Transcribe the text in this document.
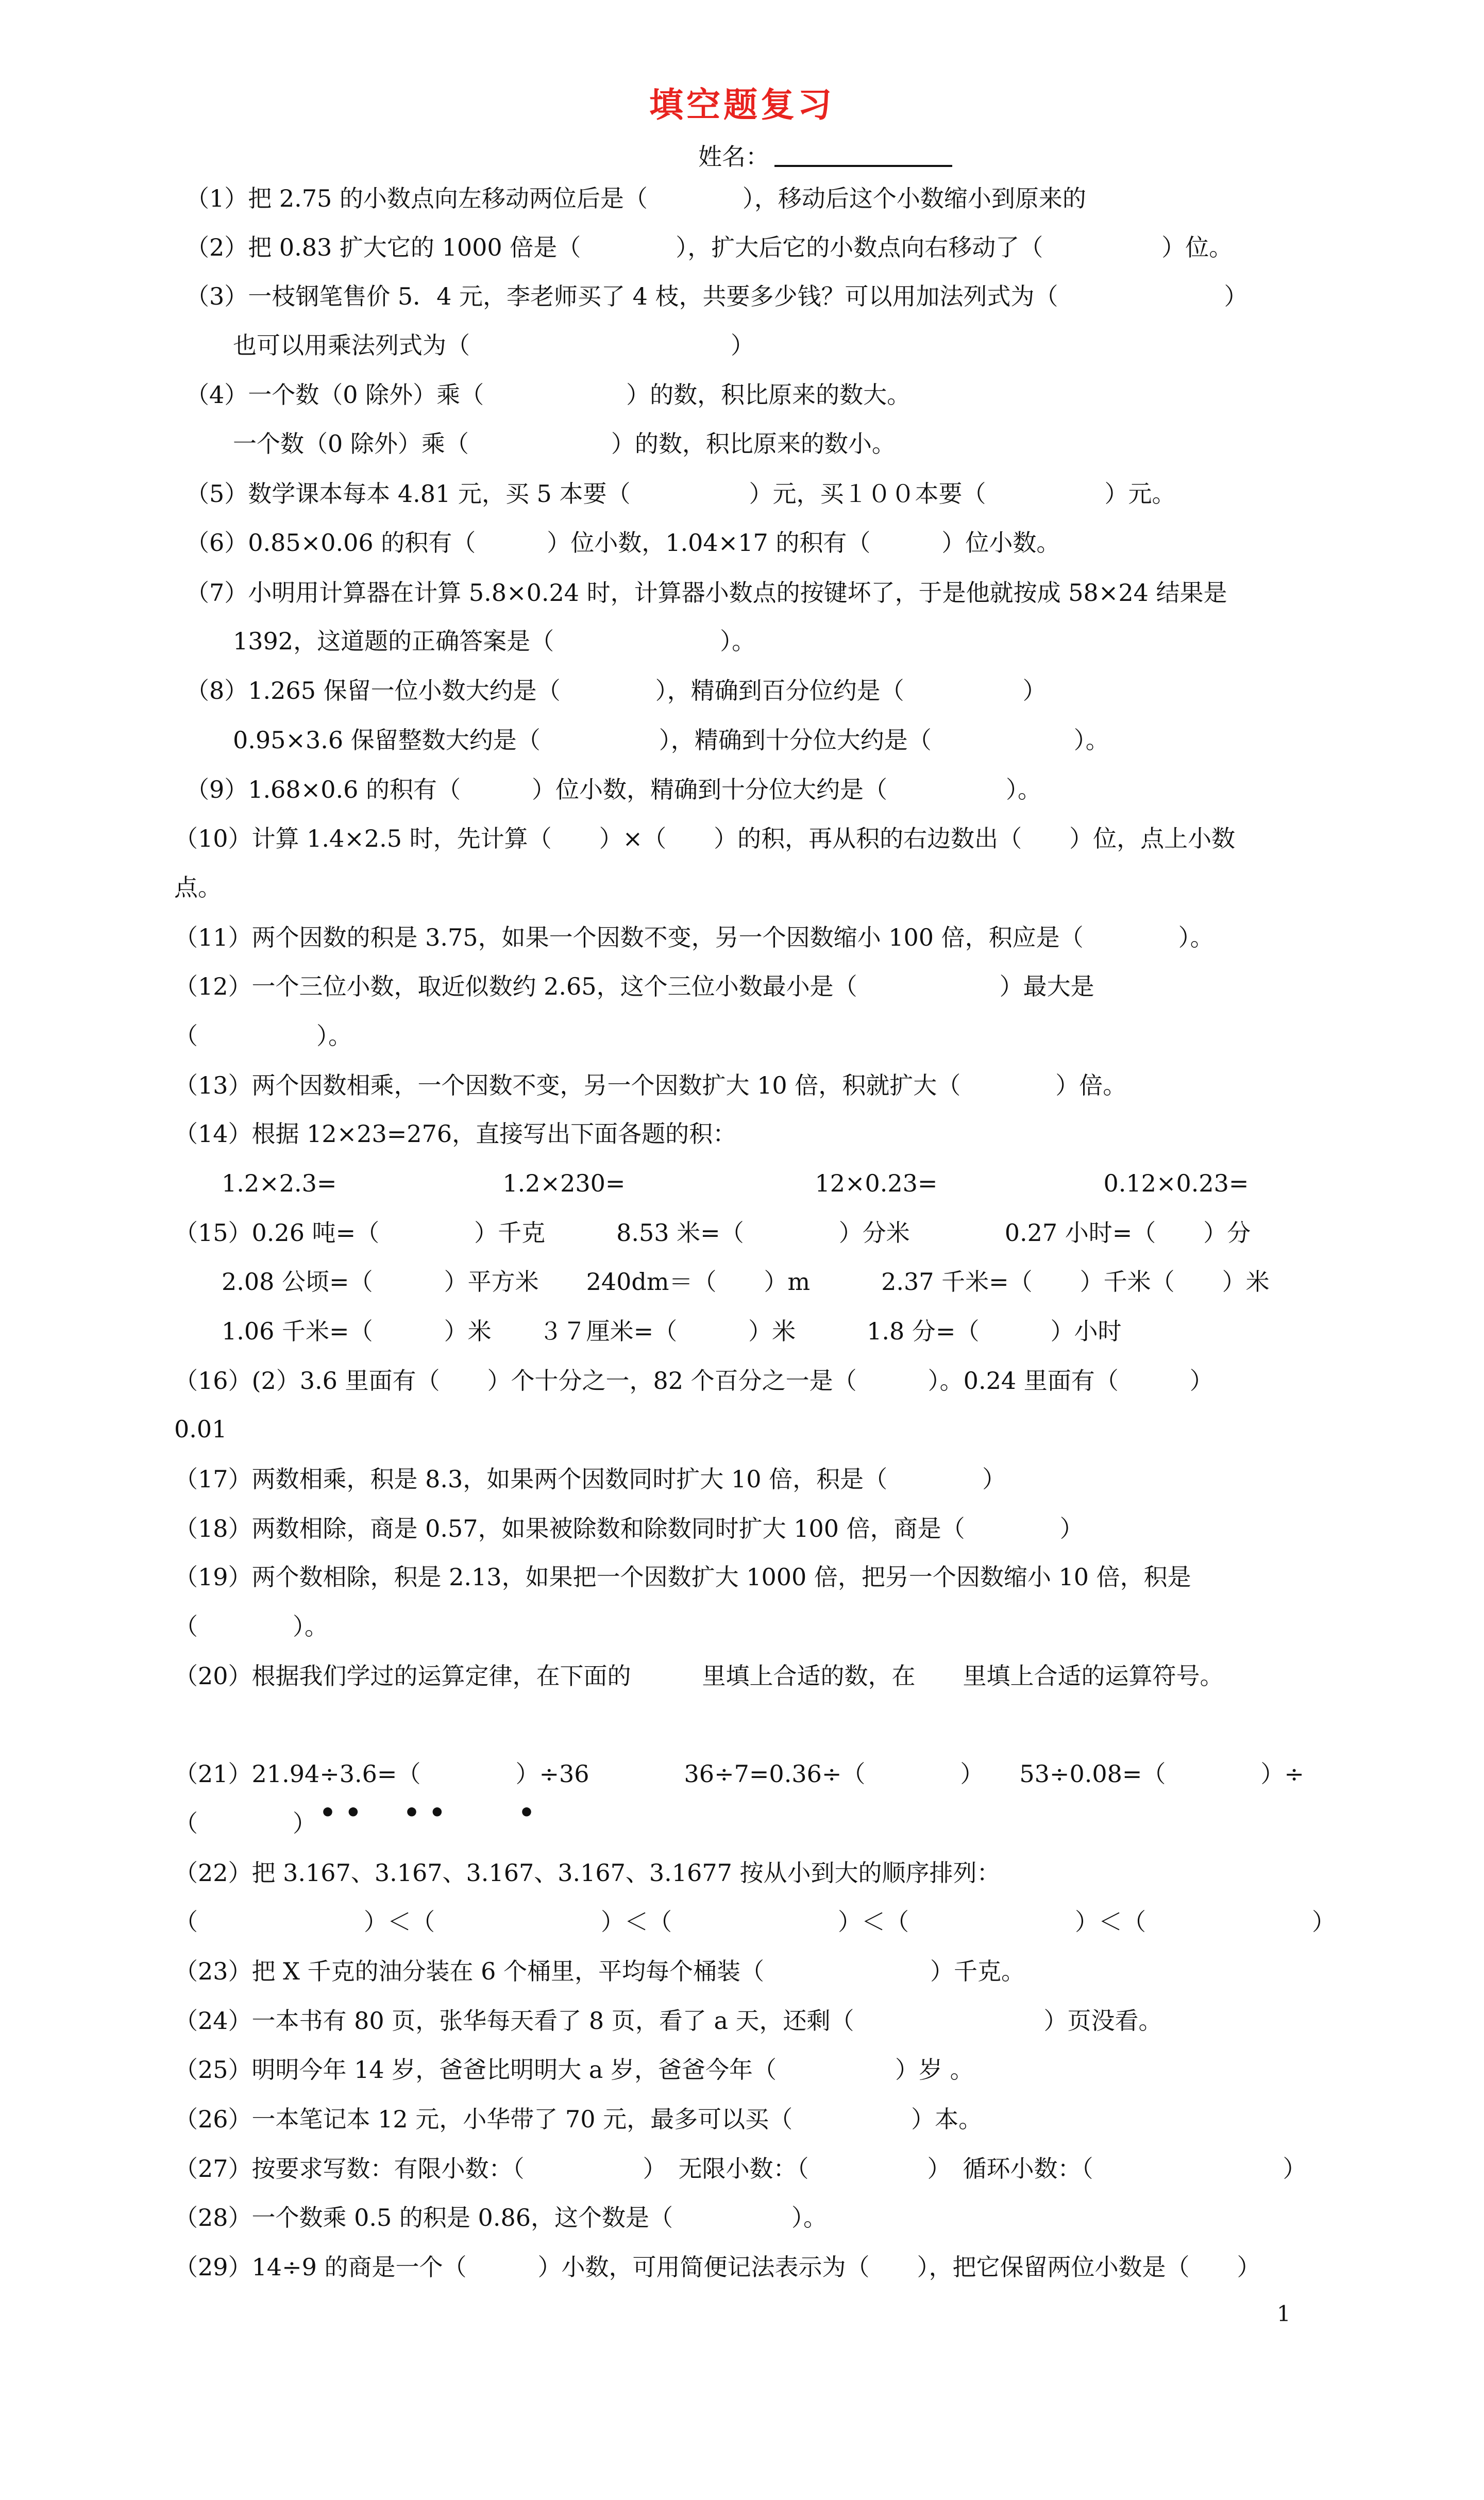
填空题复习
姓名：
（1）把 2.75 的小数点向左移动两位后是（　　　　），移动后这个小数缩小到原来的
（2）把 0.83 扩大它的 1000 倍是（　　　　），扩大后它的小数点向右移动了（　　　　　）位。
（3）一枝钢笔售价 5．4 元，李老师买了 4 枝，共要多少钱？可以用加法列式为（　　　　　　　）
　　也可以用乘法列式为（　　　　　　　　　　　）
（4）一个数（0 除外）乘（　　　　　　）的数，积比原来的数大。
　　一个数（0 除外）乘（　　　　　　）的数，积比原来的数小。
（5）数学课本每本 4.81 元，买 5 本要（　　　　　）元，买１００本要（　　　　　）元。
（6）0.85×0.06 的积有（　　　）位小数，1.04×17 的积有（　　　）位小数。
（7）小明用计算器在计算 5.8×0.24 时，计算器小数点的按键坏了，于是他就按成 58×24 结果是
　　1392，这道题的正确答案是（　　　　　　　）。
（8）1.265 保留一位小数大约是（　　　　），精确到百分位约是（　　　　　）
　　0.95×3.6 保留整数大约是（　　　　　），精确到十分位大约是（　　　　　　）。
（9）1.68×0.6 的积有（　　　）位小数，精确到十分位大约是（　　　　　）。
（10）计算 1.4×2.5 时，先计算（　　）×（　　）的积，再从积的右边数出（　　）位，点上小数
点。
（11）两个因数的积是 3.75，如果一个因数不变，另一个因数缩小 100 倍，积应是（　　　　）。
（12）一个三位小数，取近似数约 2.65，这个三位小数最小是（　　　　　　）最大是
（　　　　　）。
（13）两个因数相乘，一个因数不变，另一个因数扩大 10 倍，积就扩大（　　　　）倍。
（14）根据 12×23=276，直接写出下面各题的积：
　　1.2×2.3=　　　　　　　1.2×230=　　　　　　　　12×0.23=　　　　　　　0.12×0.23=
（15）0.26 吨=（　　　　）千克　　　8.53 米=（　　　　）分米　　　　0.27 小时=（　　）分
　　2.08 公顷=（　　　）平方米　　240dm＝（　　）m　　　2.37 千米=（　　）千米（　　）米
　　1.06 千米=（　　　）米　　３７厘米=（　　　）米　　　1.8 分=（　　　）小时
（16）(2）3.6 里面有（　　）个十分之一，82 个百分之一是（　　　）。0.24 里面有（　　　）
0.01
（17）两数相乘，积是 8.3，如果两个因数同时扩大 10 倍，积是（　　　　）
（18）两数相除，商是 0.57，如果被除数和除数同时扩大 100 倍，商是（　　　　）
（19）两个数相除，积是 2.13，如果把一个因数扩大 1000 倍，把另一个因数缩小 10 倍，积是
（　　　　）。
（20）根据我们学过的运算定律，在下面的　　　里填上合适的数，在　　里填上合适的运算符号。
（21）21.94÷3.6=（　　　　）÷36　　　　36÷7=0.36÷（　　　　）　　53÷0.08=（　　　　）÷
（　　　　） • • • •	•
（22）把 3.167、3.167、3.167、3.167、3.1677 按从小到大的顺序排列：
（　　　　　　　）＜（　　　　　　　）＜（　　　　　　　）＜（　　　　　　　）＜（　　　　　　　）
（23）把 X 千克的油分装在 6 个桶里，平均每个桶装（　　　　　　　）千克。
（24）一本书有 80 页，张华每天看了 8 页，看了 a 天，还剩（　　　　　　　　）页没看。
（25）明明今年 14 岁，爸爸比明明大 a 岁，爸爸今年（　　　　　）岁 。
（26）一本笔记本 12 元，小华带了 70 元，最多可以买（　　　　　）本。
（27）按要求写数：有限小数：（　　　　　）　无限小数：（　　　　　）　循环小数：（　　　　　　　　）
（28）一个数乘 0.5 的积是 0.86，这个数是（　　　　　）。
（29）14÷9 的商是一个（　　　）小数，可用简便记法表示为（　　），把它保留两位小数是（　　）
1
